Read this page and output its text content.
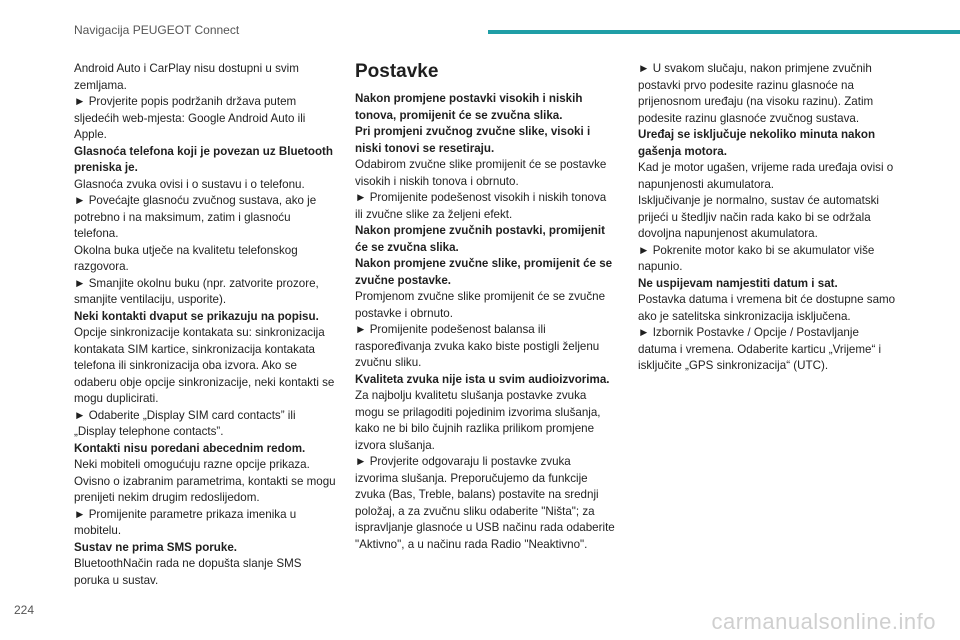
Navigacija PEUGEOT Connect

Android Auto i CarPlay nisu dostupni u svim zemljama.

► Provjerite popis podržanih država putem sljedećih web-mjesta: Google Android Auto ili Apple.

Glasnoća telefona koji je povezan uz Bluetooth preniska je.

Glasnoća zvuka ovisi i o sustavu i o telefonu.

► Povećajte glasnoću zvučnog sustava, ako je potrebno i na maksimum, zatim i glasnoću telefona.

Okolna buka utječe na kvalitetu telefonskog razgovora.

► Smanjite okolnu buku (npr. zatvorite prozore, smanjite ventilaciju, usporite).

Neki kontakti dvaput se prikazuju na popisu.

Opcije sinkronizacije kontakata su: sinkronizacija kontakata SIM kartice, sinkronizacija kontakata telefona ili sinkronizacija oba izvora. Ako se odaberu obje opcije sinkronizacije, neki kontakti se mogu duplicirati.

► Odaberite „Display SIM card contacts” ili „Display telephone contacts”.

Kontakti nisu poredani abecednim redom.

Neki mobiteli omogućuju razne opcije prikaza. Ovisno o izabranim parametrima, kontakti se mogu prenijeti nekim drugim redoslijedom.

► Promijenite parametre prikaza imenika u mobitelu.

Sustav ne prima SMS poruke.

BluetoothNačin rada ne dopušta slanje SMS poruka u sustav.

Postavke

Nakon promjene postavki visokih i niskih tonova, promijenit će se zvučna slika.

Pri promjeni zvučnog zvučne slike, visoki i niski tonovi se resetiraju.

Odabirom zvučne slike promijenit će se postavke visokih i niskih tonova i obrnuto.

► Promijenite podešenost visokih i niskih tonova ili zvučne slike za željeni efekt.

Nakon promjene zvučnih postavki, promijenit će se zvučna slika.

Nakon promjene zvučne slike, promijenit će se zvučne postavke.

Promjenom zvučne slike promijenit će se zvučne postavke i obrnuto.

► Promijenite podešenost balansa ili raspoređivanja zvuka kako biste postigli željenu zvučnu sliku.

Kvaliteta zvuka nije ista u svim audioizvorima.

Za najbolju kvalitetu slušanja postavke zvuka mogu se prilagoditi pojedinim izvorima slušanja, kako ne bi bilo čujnih razlika prilikom promjene izvora slušanja.

► Provjerite odgovaraju li postavke zvuka izvorima slušanja. Preporučujemo da funkcije zvuka (Bas, Treble, balans) postavite na srednji položaj, a za zvučnu sliku odaberite "Ništa"; za ispravljanje glasnoće u USB načinu rada odaberite "Aktivno", a u načinu rada Radio "Neaktivno".

► U svakom slučaju, nakon primjene zvučnih postavki prvo podesite razinu glasnoće na prijenosnom uređaju (na visoku razinu). Zatim podesite razinu glasnoće zvučnog sustava.

Uređaj se isključuje nekoliko minuta nakon gašenja motora.

Kad je motor ugašen, vrijeme rada uređaja ovisi o napunjenosti akumulatora.

Isključivanje je normalno, sustav će automatski prijeći u štedljiv način rada kako bi se održala dovoljna napunjenost akumulatora.

► Pokrenite motor kako bi se akumulator više napunio.

Ne uspijevam namjestiti datum i sat.

Postavka datuma i vremena bit će dostupne samo ako je satelitska sinkronizacija isključena.

► Izbornik Postavke / Opcije / Postavljanje datuma i vremena. Odaberite karticu „Vrijeme“ i isključite „GPS sinkronizacija“ (UTC).

224	carmanualsonline.info
